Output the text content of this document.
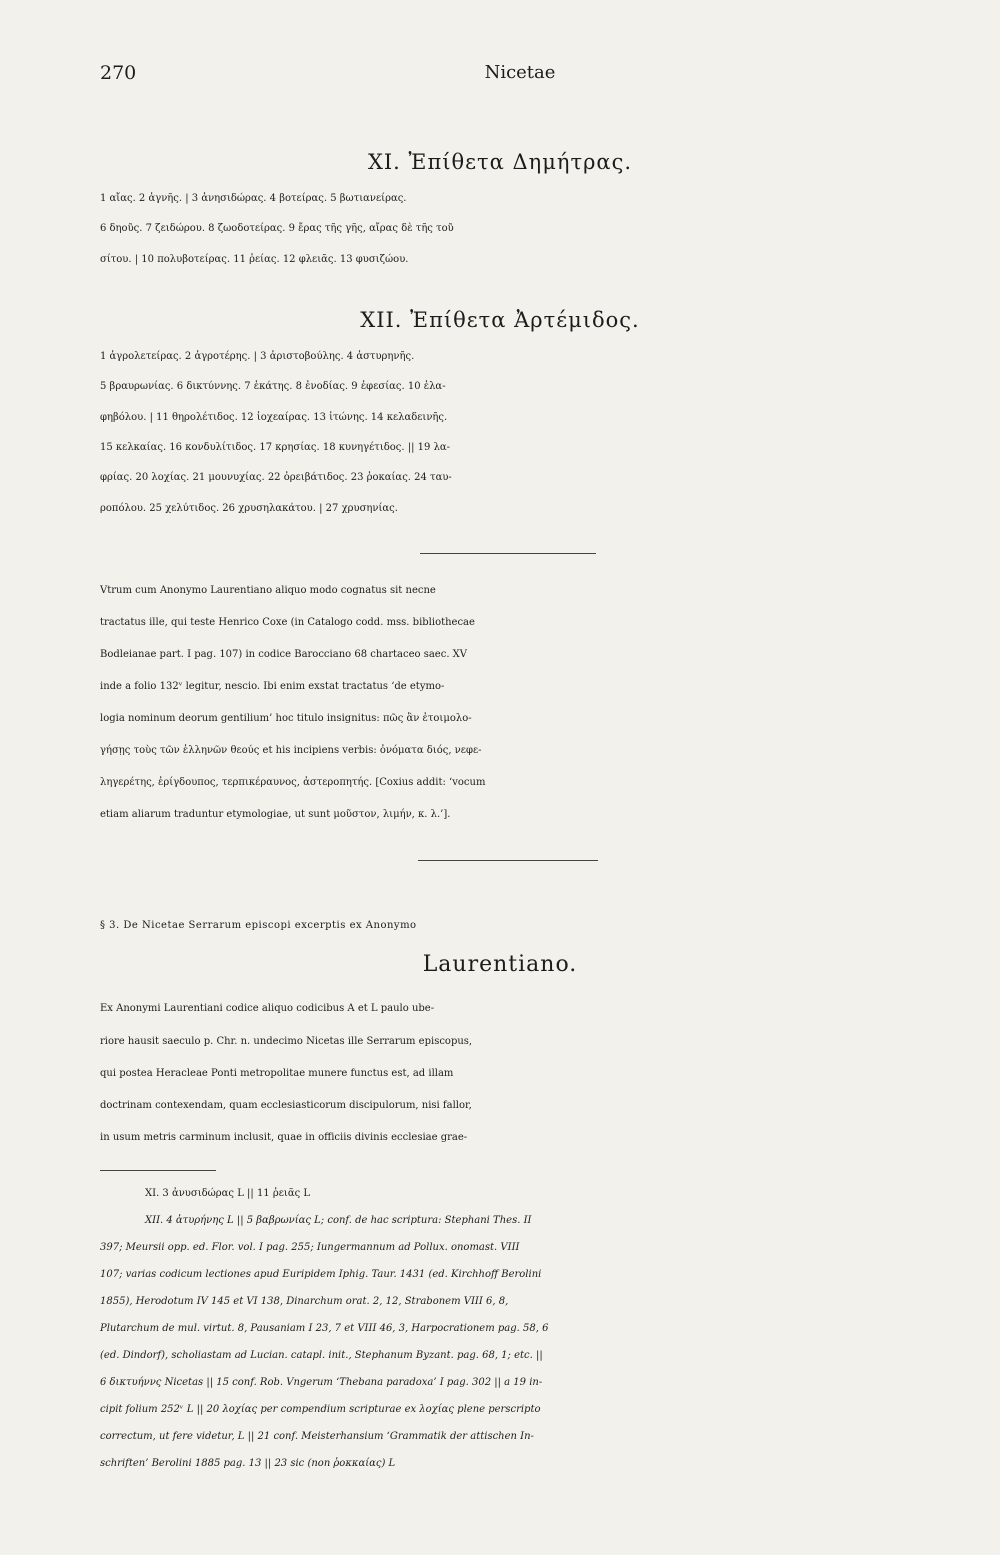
270	Nicetae
XI. Ἐπίθετα Δημήτρας.
1 αἴας. 2 ἁγνῆς. | 3 ἀνησιδώρας. 4 βοτείρας. 5 βωτιανείρας.
6 δηοῦς. 7 ζειδώρου. 8 ζωοδοτείρας. 9 ἔρας τῆς γῆς, αἴρας δὲ τῆς τοῦ
σίτου. | 10 πολυβοτείρας. 11 ῥείας. 12 φλειᾶς. 13 φυσιζώου.
XII. Ἐπίθετα Ἀρτέμιδος.
1 ἀγρολετείρας. 2 ἀγροτέρης. | 3 ἀριστοβούλης. 4 ἀστυρηνῆς.
5 βραυρωνίας. 6 δικτύννης. 7 ἑκάτης. 8 ἐνοδίας. 9 ἐφεσίας. 10 ἐλα-
φηβόλου. | 11 θηρολέτιδος. 12 ἰοχεαίρας. 13 ἰτώνης. 14 κελαδεινῆς.
15 κελκαίας. 16 κονδυλίτιδος. 17 κρησίας. 18 κυνηγέτιδος. || 19 λα-
φρίας. 20 λοχίας. 21 μουνυχίας. 22 ὀρειβάτιδος. 23 ῥοκαίας. 24 ταυ-
ροπόλου. 25 χελύτιδος. 26 χρυσηλακάτου. | 27 χρυσηνίας.
Vtrum cum Anonymo Laurentiano aliquo modo cognatus sit necne
tractatus ille, qui teste Henrico Coxe (in Catalogo codd. mss. bibliothecae
Bodleianae part. I pag. 107) in codice Barocciano 68 chartaceo saec. XV
inde a folio 132ᵛ legitur, nescio. Ibi enim exstat tractatus ‘de etymo-
logia nominum deorum gentilium’ hoc titulo insignitus: πῶς ἂν ἐτοιμολο-
γήσῃς τοὺς τῶν ἑλληνῶν θεούς et his incipiens verbis: ὀνόματα διός, νεφε-
ληγερέτης, ἐρίγδουπος, τερπικέραυνος, ἀστεροπητής. [Coxius addit: ‘vocum
etiam aliarum traduntur etymologiae, ut sunt μοῦστον, λιμήν, κ. λ.’].
§ 3. De Nicetae Serrarum episcopi excerptis ex Anonymo
Laurentiano.
Ex Anonymi Laurentiani codice aliquo codicibus A et L paulo ube-
riore hausit saeculo p. Chr. n. undecimo Nicetas ille Serrarum episcopus,
qui postea Heracleae Ponti metropolitae munere functus est, ad illam
doctrinam contexendam, quam ecclesiasticorum discipulorum, nisi fallor,
in usum metris carminum inclusit, quae in officiis divinis ecclesiae grae-
XI. 3 ἀνυσιδώρας L || 11 ῥειᾶς L
XII. 4 ἀτυρήνης L || 5 βαβρωνίας L; conf. de hac scriptura: Stephani Thes. II
397; Meursii opp. ed. Flor. vol. I pag. 255; Iungermannum ad Pollux. onomast. VIII
107; varias codicum lectiones apud Euripidem Iphig. Taur. 1431 (ed. Kirchhoff Berolini
1855), Herodotum IV 145 et VI 138, Dinarchum orat. 2, 12, Strabonem VIII 6, 8,
Plutarchum de mul. virtut. 8, Pausaniam I 23, 7 et VIII 46, 3, Harpocrationem pag. 58, 6
(ed. Dindorf), scholiastam ad Lucian. catapl. init., Stephanum Byzant. pag. 68, 1; etc. ||
6 δικτυήννς Nicetas || 15 conf. Rob. Vngerum ‘Thebana paradoxa’ I pag. 302 || a 19 in-
cipit folium 252ᵛ L || 20 λοχίας per compendium scripturae ex λοχίας plene perscripto
correctum, ut fere videtur, L || 21 conf. Meisterhansium ‘Grammatik der attischen In-
schriften’ Berolini 1885 pag. 13 || 23 sic (non ῥοκκαίας) L
